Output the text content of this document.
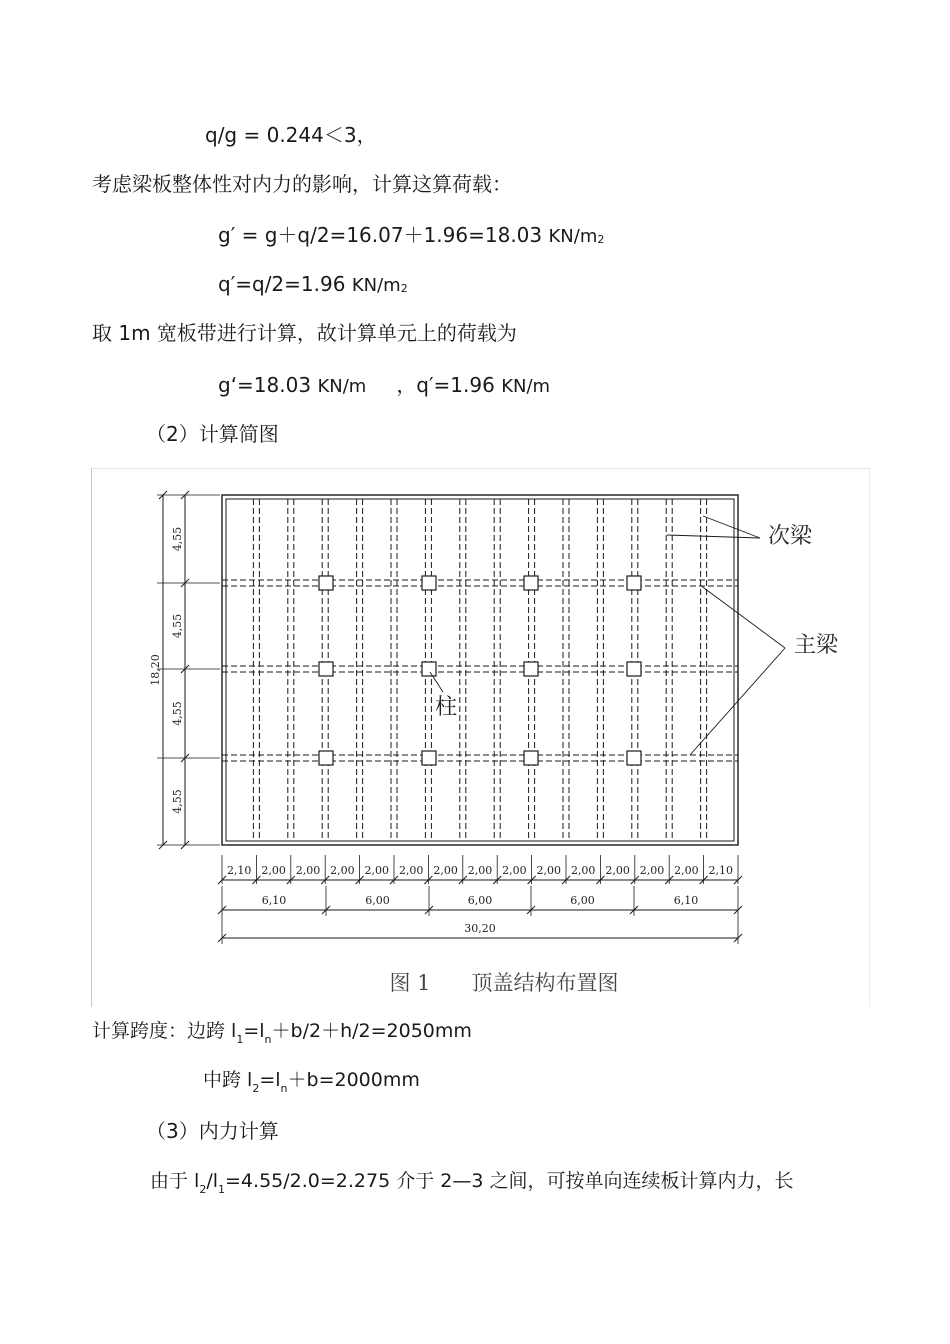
q/g = 0.244＜3，
考虑梁板整体性对内力的影响，计算这算荷载：
g′ = g＋q/2=16.07＋1.96=18.03 KN/m2
q′=q/2=1.96 KN/m2
取 1m 宽板带进行计算，故计算单元上的荷载为
g‘=18.03 KN/m ，q′=1.96 KN/m
（2）计算简图
次梁
主梁
柱
4,55
4,55
4,55
4,55
18,20
2,10 2,00 2,00 2,00 2,00 2,00 2,00 2,00 2,00 2,00 2,00 2,00 2,00 2,00 2,10
6,10	6,00	6,00	6,00	6,10
30,20
图 1 顶盖结构布置图
计算跨度：边跨 $l_1=l_n+b/2+h/2=2050mm$
中跨 $l_2=l_n+b=2000mm$
（3）内力计算
由于 $l_2/l_1=4.55/2.0=2.275$ 介于 2—3 之间，可按单向连续板计算内力，长
